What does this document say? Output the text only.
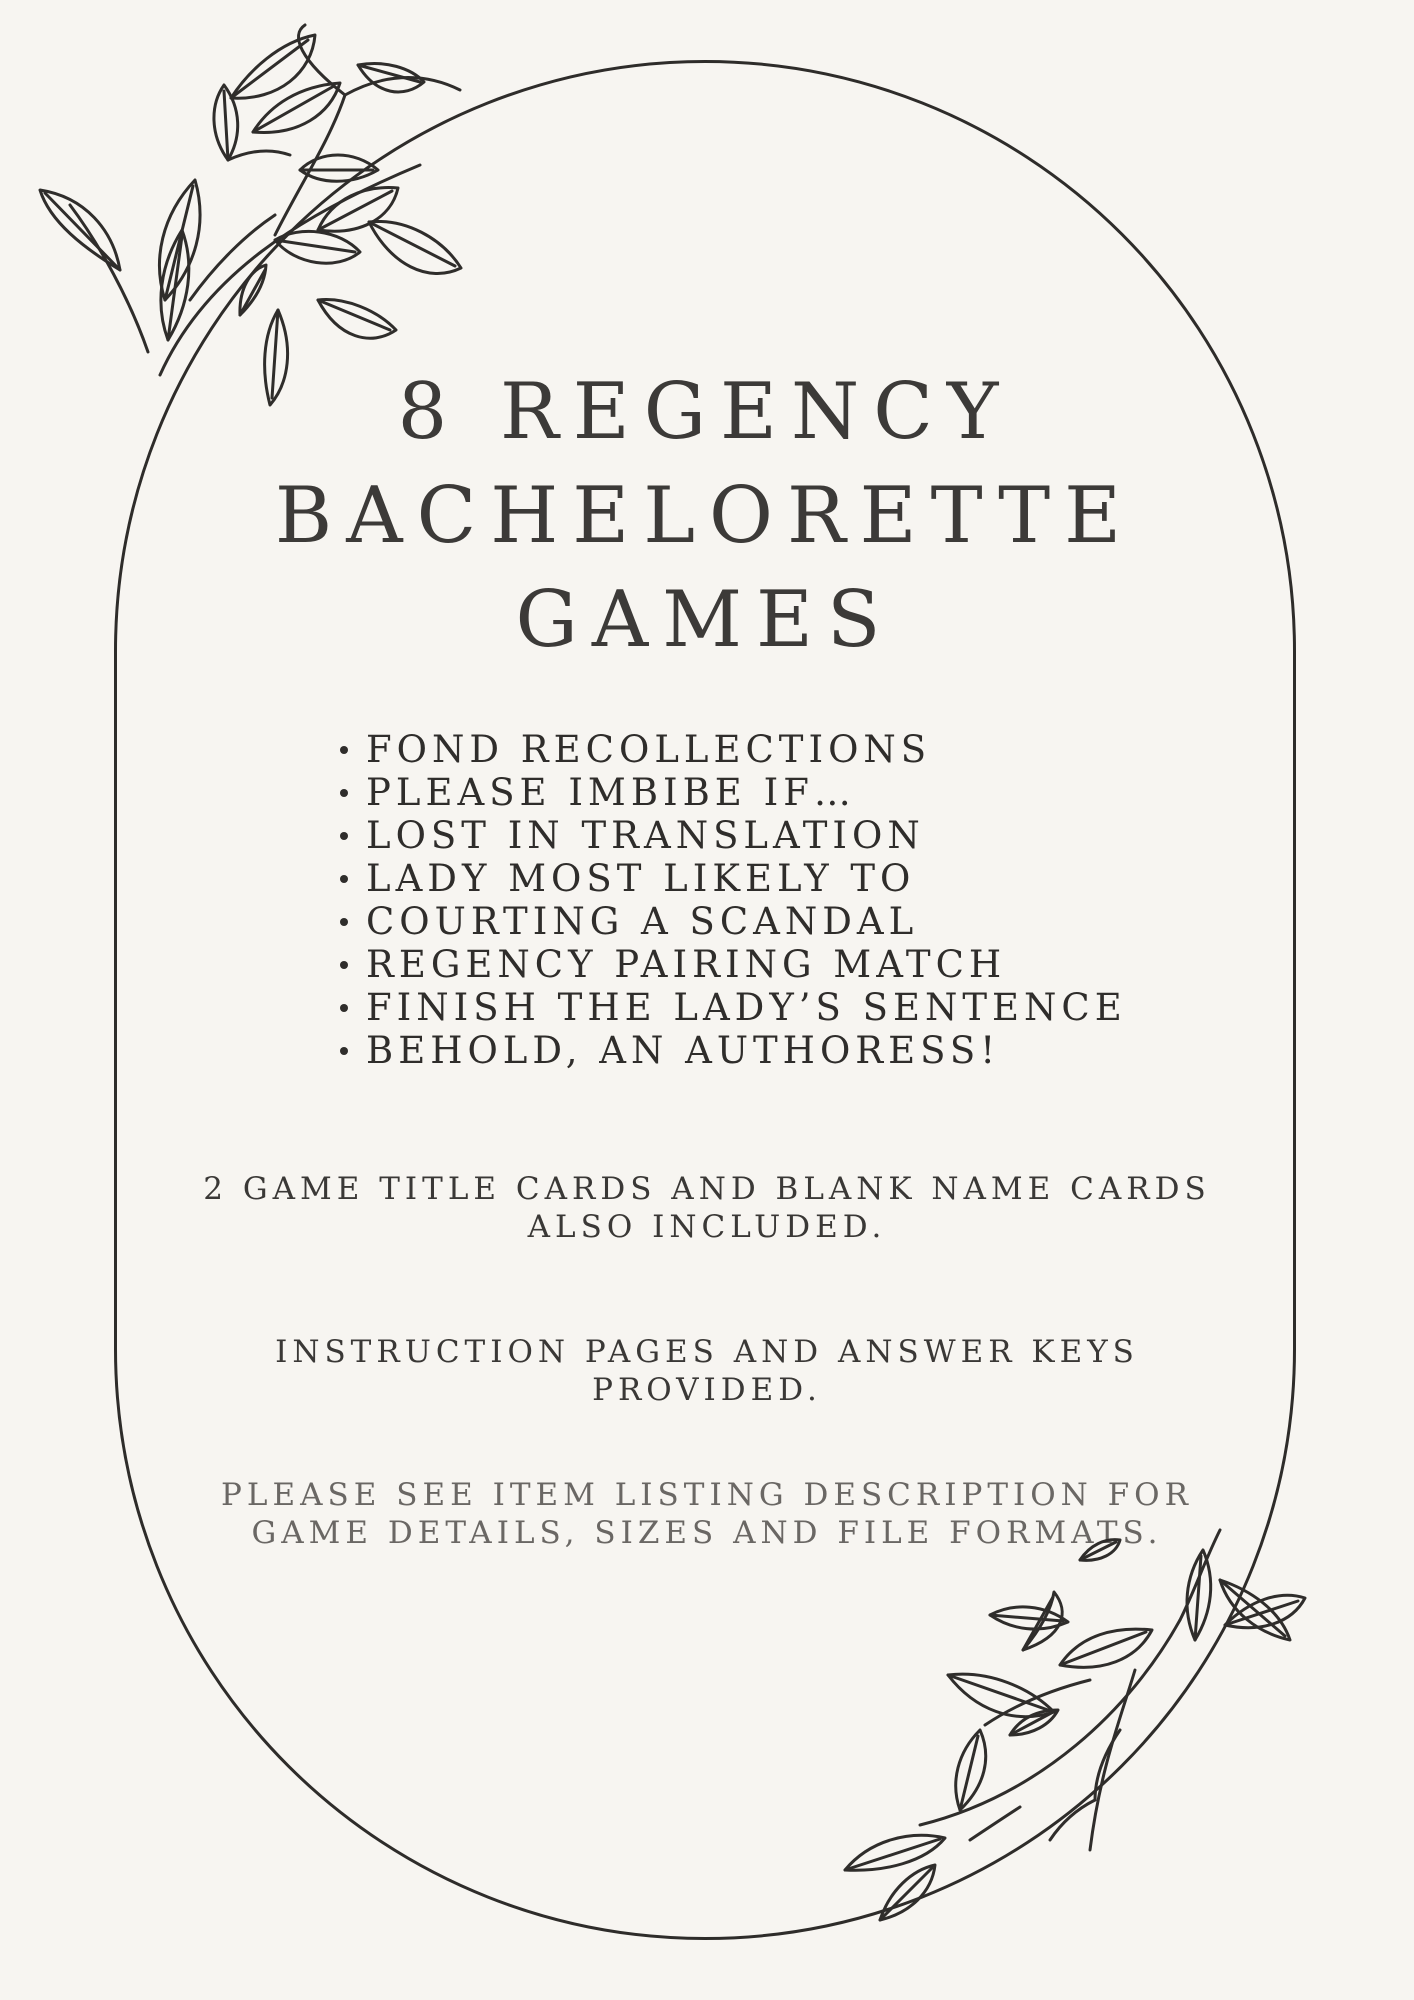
8 REGENCY
BACHELORETTE
GAMES
FOND RECOLLECTIONS
PLEASE IMBIBE IF…
LOST IN TRANSLATION
LADY MOST LIKELY TO
COURTING A SCANDAL
REGENCY PAIRING MATCH
FINISH THE LADY’S SENTENCE
BEHOLD, AN AUTHORESS!
2 GAME TITLE CARDS AND BLANK NAME CARDS ALSO INCLUDED.
INSTRUCTION PAGES AND ANSWER KEYS PROVIDED.
PLEASE SEE ITEM LISTING DESCRIPTION FOR GAME DETAILS, SIZES AND FILE FORMATS.
